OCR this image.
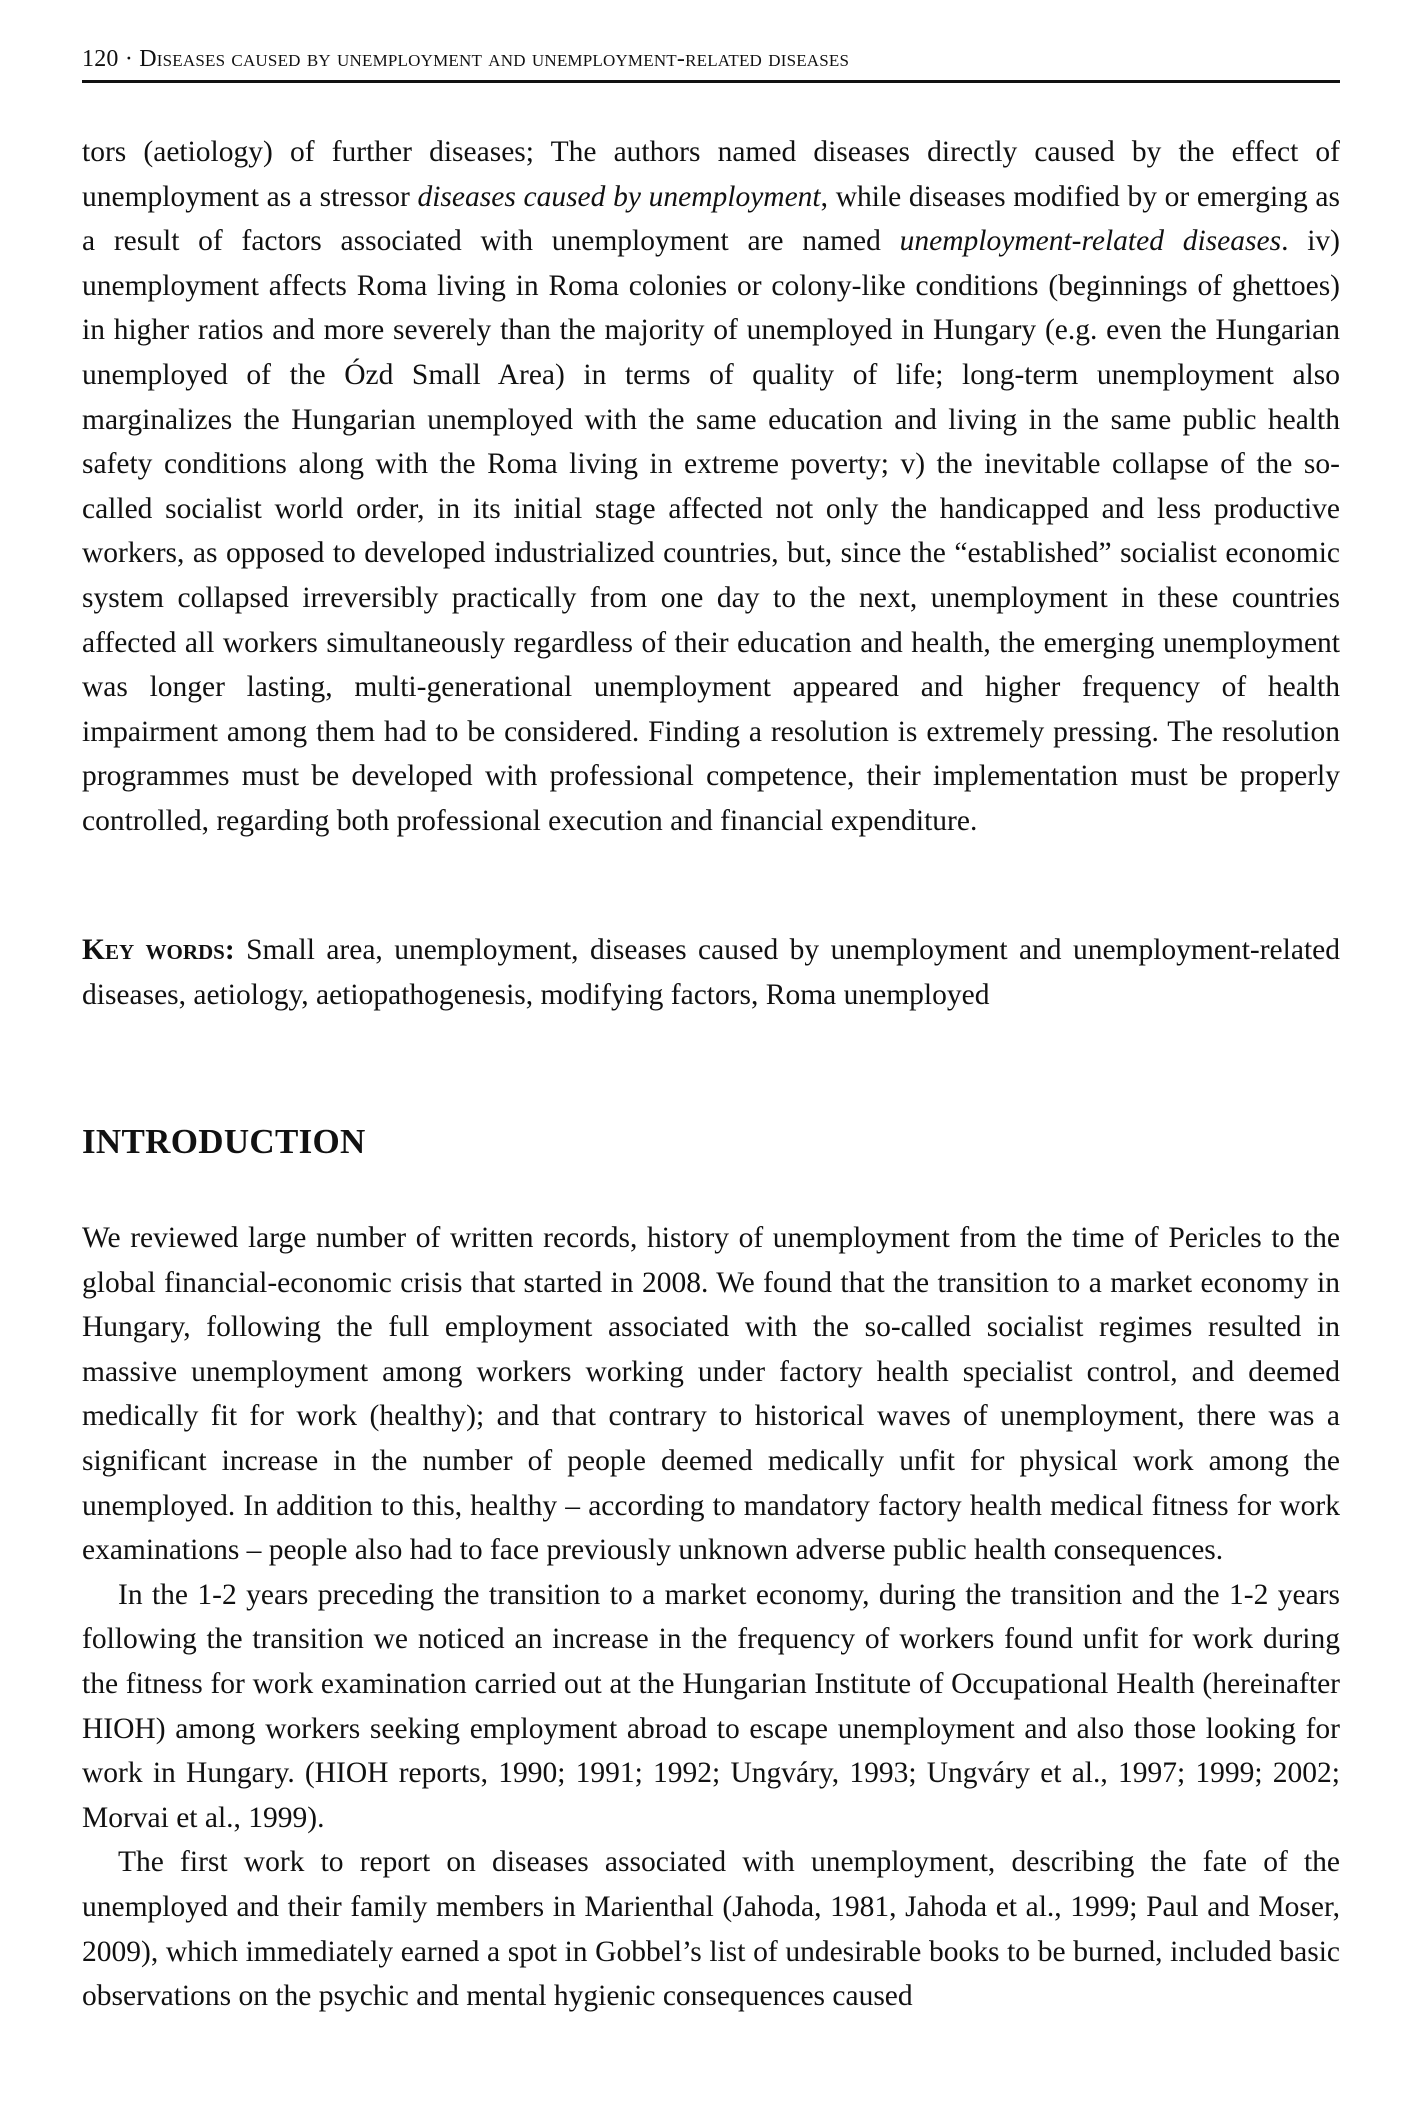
120 · Diseases caused by unemployment and unemployment-related diseases

tors (aetiology) of further diseases; The authors named diseases directly caused by the effect of unemployment as a stressor diseases caused by unemployment, while diseases modified by or emerging as a result of factors associated with unemployment are named unemployment-related diseases. iv) unemployment affects Roma living in Roma colonies or colony-like conditions (beginnings of ghettoes) in higher ratios and more severely than the majority of unemployed in Hungary (e.g. even the Hungarian unemployed of the Ózd Small Area) in terms of quality of life; long-term unemployment also marginalizes the Hungarian unemployed with the same education and living in the same public health safety conditions along with the Roma living in extreme poverty; v) the inevitable collapse of the so-called socialist world order, in its initial stage affected not only the handicapped and less productive workers, as opposed to developed industrialized countries, but, since the “established” socialist economic system collapsed irreversibly practically from one day to the next, unemployment in these countries affected all workers simultaneously regardless of their education and health, the emerging unemployment was longer lasting, multi-generational unemployment appeared and higher frequency of health impairment among them had to be considered. Finding a resolution is extremely pressing. The resolution programmes must be developed with professional competence, their implementation must be properly controlled, regarding both professional execution and financial expenditure.

Key words: Small area, unemployment, diseases caused by unemployment and unemployment-related diseases, aetiology, aetiopathogenesis, modifying factors, Roma unemployed

INTRODUCTION

We reviewed large number of written records, history of unemployment from the time of Pericles to the global financial-economic crisis that started in 2008. We found that the transition to a market economy in Hungary, following the full employment associated with the so-called socialist regimes resulted in massive unemployment among workers working under factory health specialist control, and deemed medically fit for work (healthy); and that contrary to historical waves of unemployment, there was a significant increase in the number of people deemed medically unfit for physical work among the unemployed. In addition to this, healthy – according to mandatory factory health medical fitness for work examinations – people also had to face previously unknown adverse public health consequences.

In the 1-2 years preceding the transition to a market economy, during the transition and the 1-2 years following the transition we noticed an increase in the frequency of workers found unfit for work during the fitness for work examination carried out at the Hungarian Institute of Occupational Health (hereinafter HIOH) among workers seeking employment abroad to escape unemployment and also those looking for work in Hungary. (HIOH reports, 1990; 1991; 1992; Ungváry, 1993; Ungváry et al., 1997; 1999; 2002; Morvai et al., 1999).

The first work to report on diseases associated with unemployment, describing the fate of the unemployed and their family members in Marienthal (Jahoda, 1981, Jahoda et al., 1999; Paul and Moser, 2009), which immediately earned a spot in Gobbel’s list of undesirable books to be burned, included basic observations on the psychic and mental hygienic consequences caused
